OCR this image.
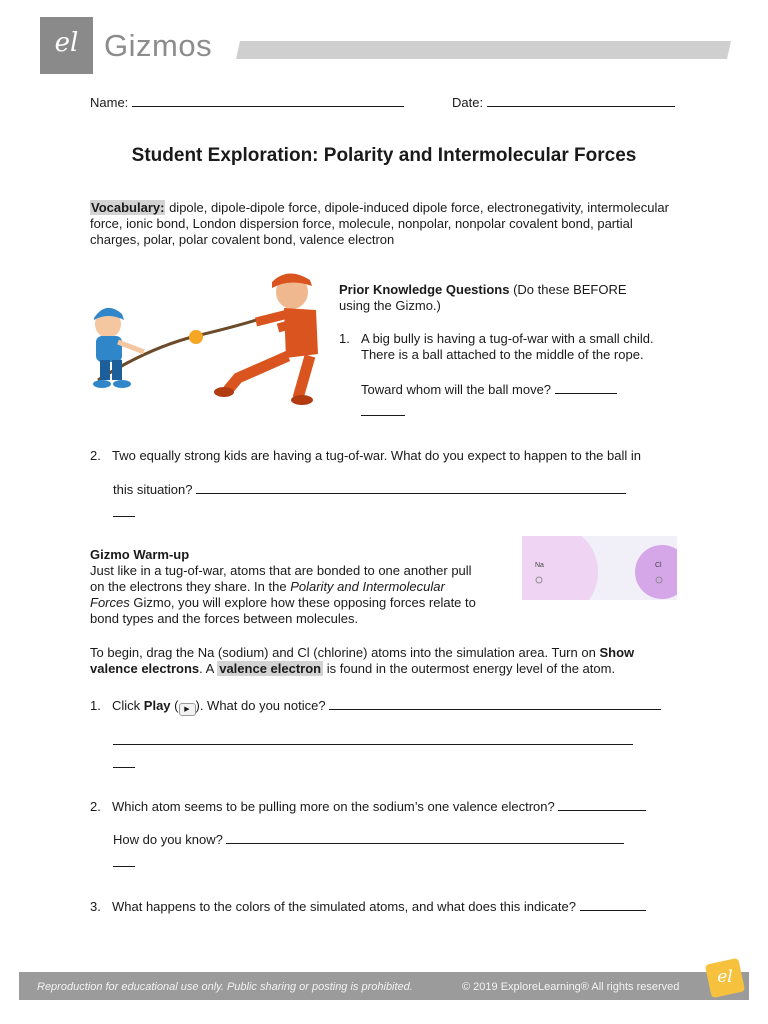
el Gizmos
Name:	Date:
Student Exploration: Polarity and Intermolecular Forces
Vocabulary: dipole, dipole-dipole force, dipole-induced dipole force, electronegativity, intermolecular force, ionic bond, London dispersion force, molecule, nonpolar, nonpolar covalent bond, partial charges, polar, polar covalent bond, valence electron
Prior Knowledge Questions (Do these BEFORE
using the Gizmo.)
1. A big bully is having a tug-of-war with a small child.
There is a ball attached to the middle of the rope.
Toward whom will the ball move?

2. Two equally strong kids are having a tug-of-war. What do you expect to happen to the ball in
this situation?

Gizmo Warm-up
Just like in a tug-of-war, atoms that are bonded to one another pull
on the electrons they share. In the Polarity and Intermolecular
Forces Gizmo, you will explore how these opposing forces relate to
bond types and the forces between molecules.
Na	Cl
To begin, drag the Na (sodium) and Cl (chlorine) atoms into the simulation area. Turn on Show
valence electrons. A valence electron is found in the outermost energy level of the atom.
1. Click Play ( ▶ ). What do you notice?

2. Which atom seems to be pulling more on the sodium’s one valence electron?
How do you know?

3. What happens to the colors of the simulated atoms, and what does this indicate?
Reproduction for educational use only. Public sharing or posting is prohibited.	© 2019 ExploreLearning® All rights reserved	el
